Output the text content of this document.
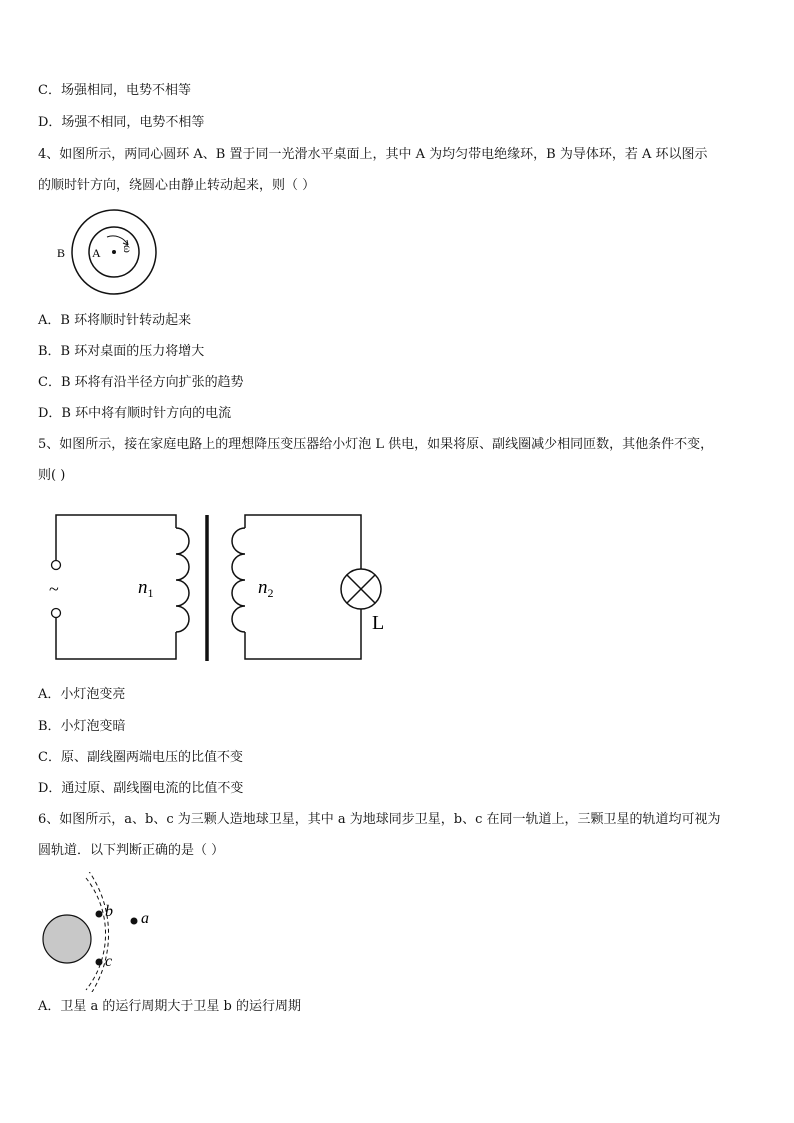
C．场强相同，电势不相等
D．场强不相同，电势不相等
4、如图所示，两同心圆环 A、B 置于同一光滑水平桌面上，其中 A 为均匀带电绝缘环，B 为导体环，若 A 环以图示
的顺时针方向，绕圆心由静止转动起来，则（ ）
B A ω
A．B 环将顺时针转动起来
B．B 环对桌面的压力将增大
C．B 环将有沿半径方向扩张的趋势
D．B 环中将有顺时针方向的电流
5、如图所示，接在家庭电路上的理想降压变压器给小灯泡 L 供电，如果将原、副线圈减少相同匝数，其他条件不变，
则( )
~	$n_1$	$n_2$
L
A．小灯泡变亮
B．小灯泡变暗
C．原、副线圈两端电压的比值不变
D．通过原、副线圈电流的比值不变
6、如图所示，a、b、c 为三颗人造地球卫星，其中 a 为地球同步卫星，b、c 在同一轨道上，三颗卫星的轨道均可视为
圆轨道．以下判断正确的是（ ）
b
c
a
A．卫星 a 的运行周期大于卫星 b 的运行周期
